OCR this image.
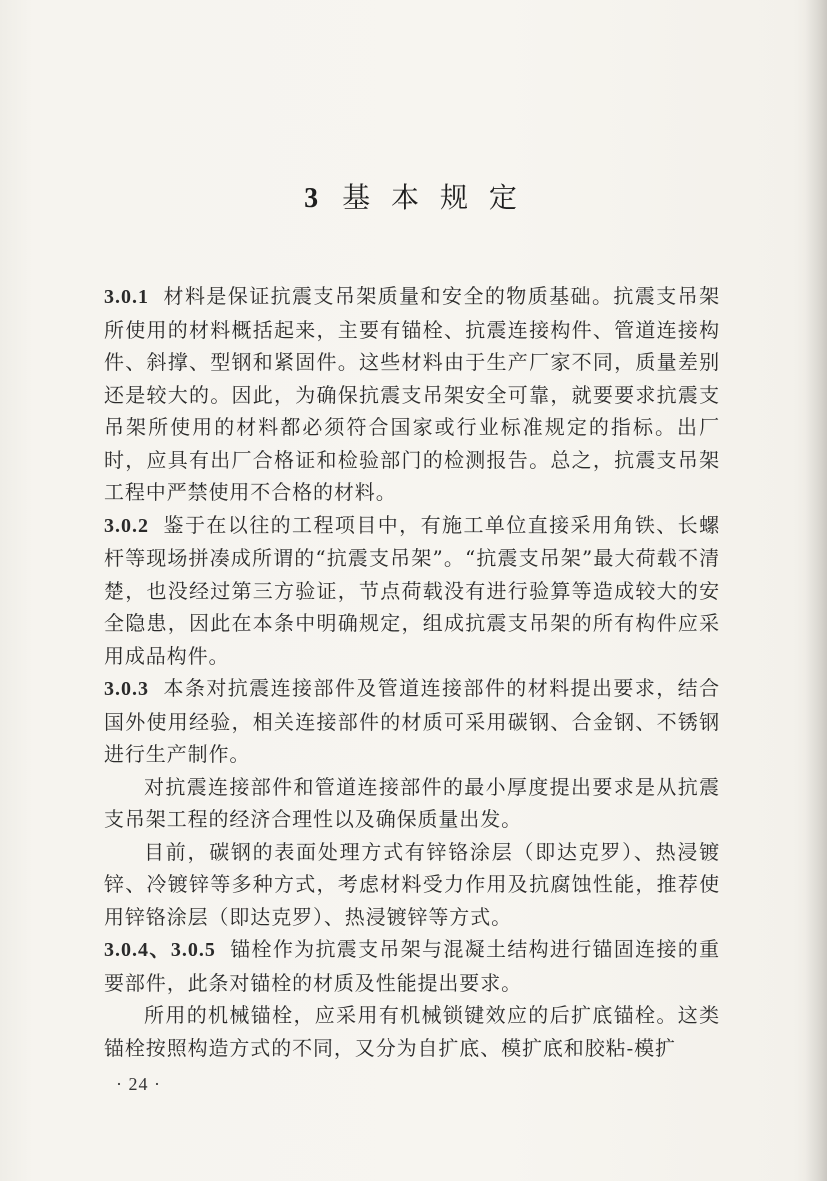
3 基 本 规 定

3.0.1 材料是保证抗震支吊架质量和安全的物质基础。抗震支吊架所使用的材料概括起来，主要有锚栓、抗震连接构件、管道连接构件、斜撑、型钢和紧固件。这些材料由于生产厂家不同，质量差别还是较大的。因此，为确保抗震支吊架安全可靠，就要要求抗震支吊架所使用的材料都必须符合国家或行业标准规定的指标。出厂时，应具有出厂合格证和检验部门的检测报告。总之，抗震支吊架工程中严禁使用不合格的材料。

3.0.2 鉴于在以往的工程项目中，有施工单位直接采用角铁、长螺杆等现场拼凑成所谓的“抗震支吊架”。“抗震支吊架”最大荷载不清楚，也没经过第三方验证，节点荷载没有进行验算等造成较大的安全隐患，因此在本条中明确规定，组成抗震支吊架的所有构件应采用成品构件。

3.0.3 本条对抗震连接部件及管道连接部件的材料提出要求，结合国外使用经验，相关连接部件的材质可采用碳钢、合金钢、不锈钢进行生产制作。

对抗震连接部件和管道连接部件的最小厚度提出要求是从抗震支吊架工程的经济合理性以及确保质量出发。

目前，碳钢的表面处理方式有锌铬涂层（即达克罗）、热浸镀锌、冷镀锌等多种方式，考虑材料受力作用及抗腐蚀性能，推荐使用锌铬涂层（即达克罗）、热浸镀锌等方式。

3.0.4、3.0.5 锚栓作为抗震支吊架与混凝土结构进行锚固连接的重要部件，此条对锚栓的材质及性能提出要求。

所用的机械锚栓，应采用有机械锁键效应的后扩底锚栓。这类锚栓按照构造方式的不同，又分为自扩底、模扩底和胶粘-模扩

· 24 ·
